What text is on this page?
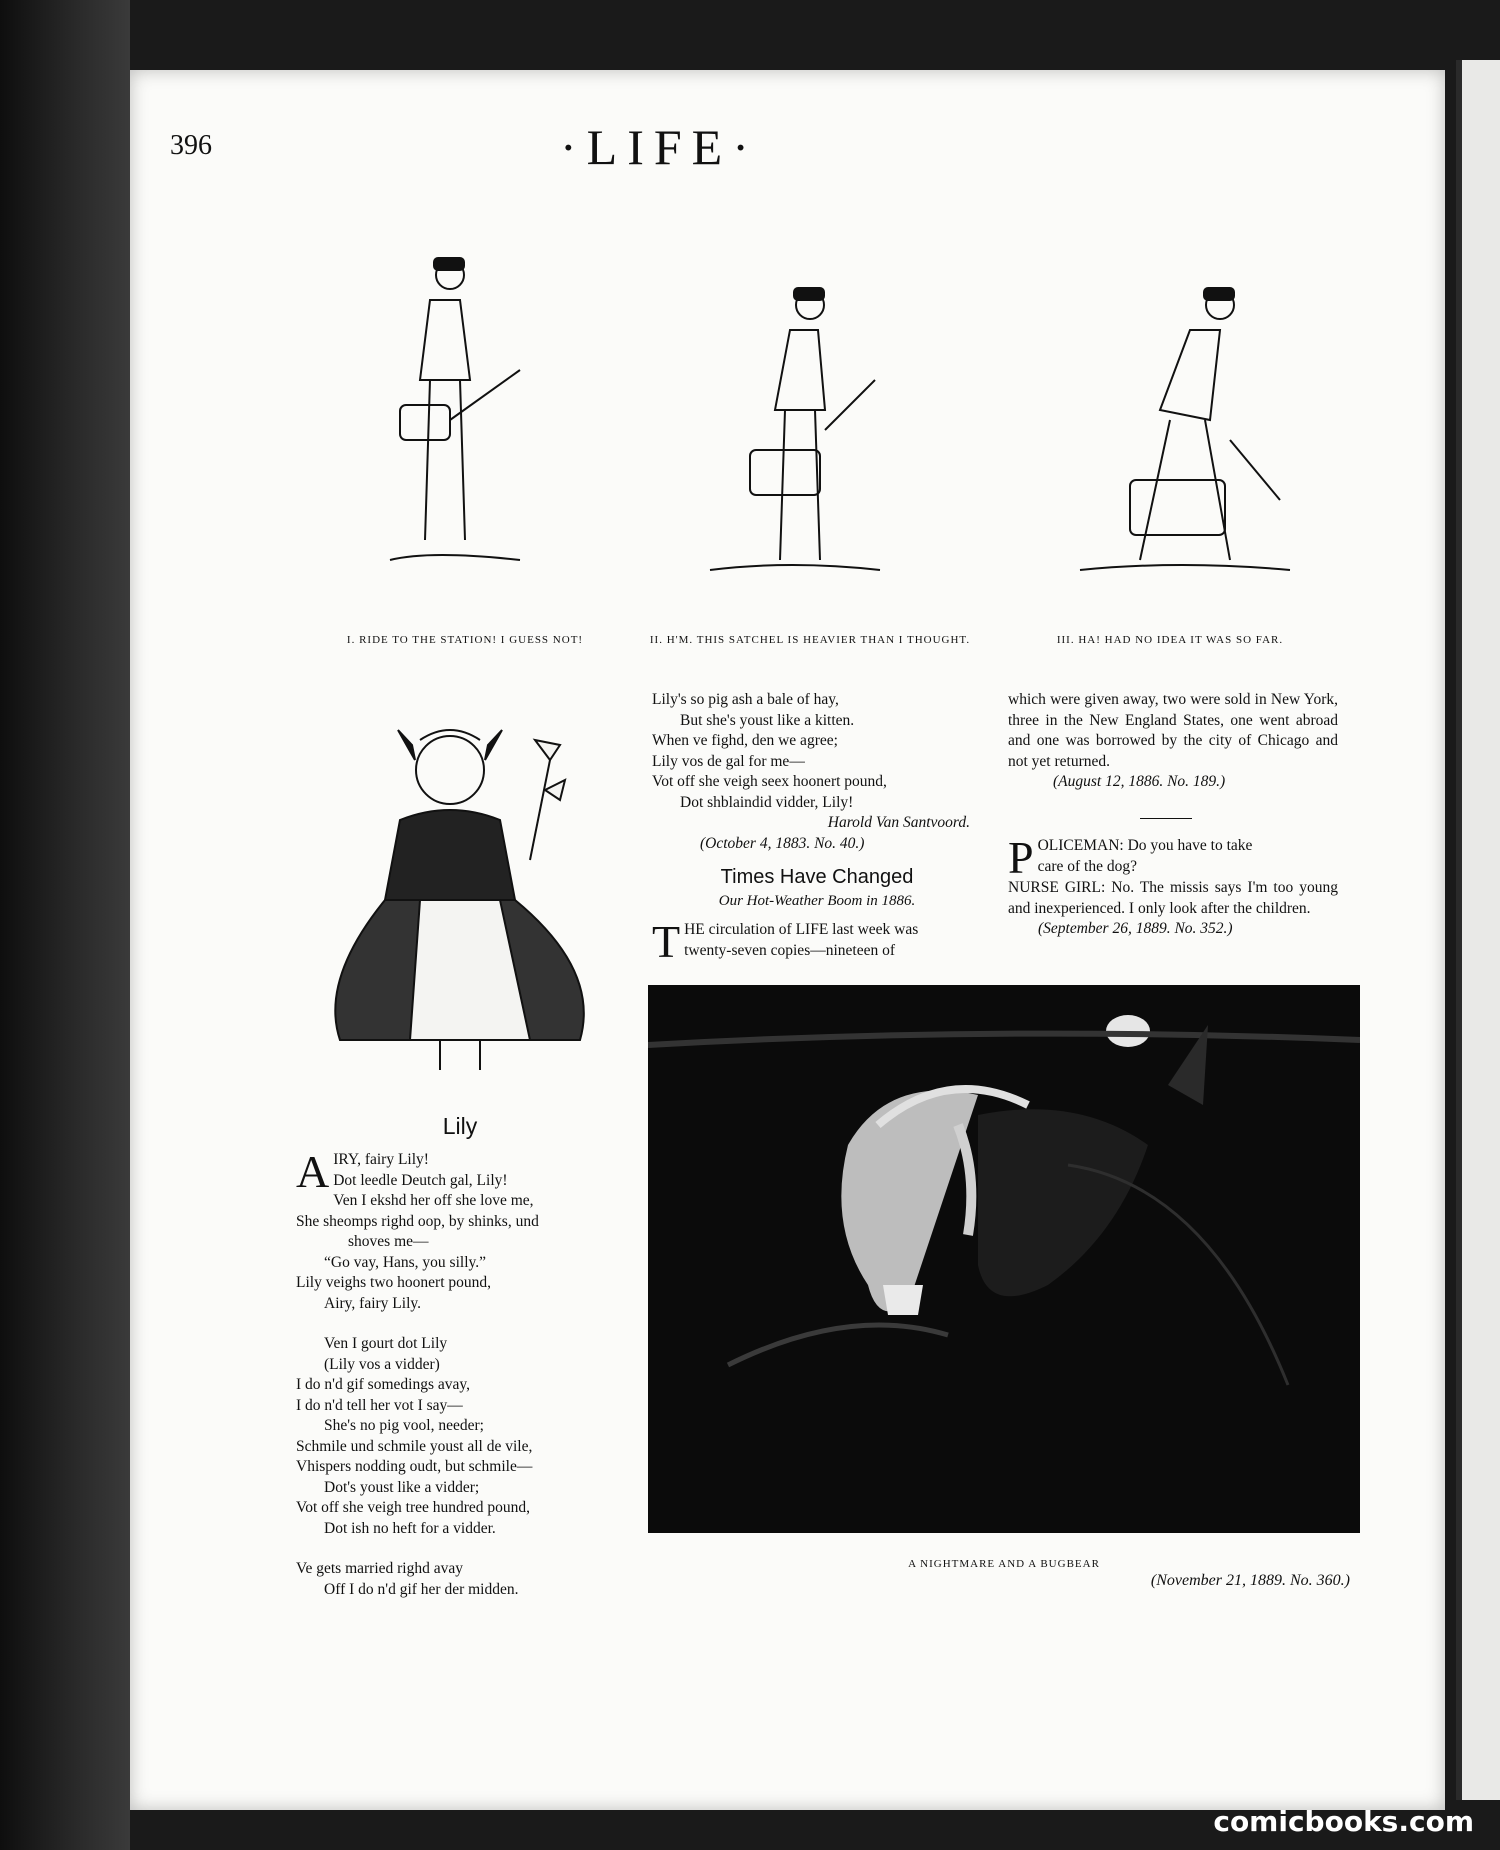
396	·LIFE·
I. RIDE TO THE STATION! I GUESS NOT!	II. H'M. THIS SATCHEL IS HEAVIER THAN I THOUGHT.	III. HA! HAD NO IDEA IT WAS SO FAR.
Lily
A IRY, fairy Lily!

Dot leedle Deutch gal, Lily!

Ven I ekshd her off she love me,

She sheomps righd oop, by shinks, und

shoves me—

“Go vay, Hans, you silly.”

Lily veighs two hoonert pound,

Airy, fairy Lily.

Ven I gourt dot Lily

(Lily vos a vidder)

I do n'd gif somedings avay,

I do n'd tell her vot I say—

She's no pig vool, needer;

Schmile und schmile youst all de vile,

Vhispers nodding oudt, but schmile—

Dot's youst like a vidder;

Vot off she veigh tree hundred pound,

Dot ish no heft for a vidder.

Ve gets married righd avay

Off I do n'd gif her der midden.

Lily's so pig ash a bale of hay,

But she's youst like a kitten.

When ve fighd, den we agree;

Lily vos de gal for me—

Vot off she veigh seex hoonert pound,

Dot shblaindid vidder, Lily!

Harold Van Santvoord.

(October 4, 1883. No. 40.)

Times Have Changed
Our Hot-Weather Boom in 1886.
T HE circulation of LIFE last week was

twenty-seven copies—nineteen of

which were given away, two were sold in New York, three in the New England States, one went abroad and one was borrowed by the city of Chicago and not yet returned.

(August 12, 1886. No. 189.)

P OLICEMAN: Do you have to take

care of the dog?

NURSE GIRL: No. The missis says I'm too young and inexperienced. I only look after the children.

(September 26, 1889. No. 352.)

A NIGHTMARE AND A BUGBEAR
(November 21, 1889. No. 360.)
comicbooks.com
